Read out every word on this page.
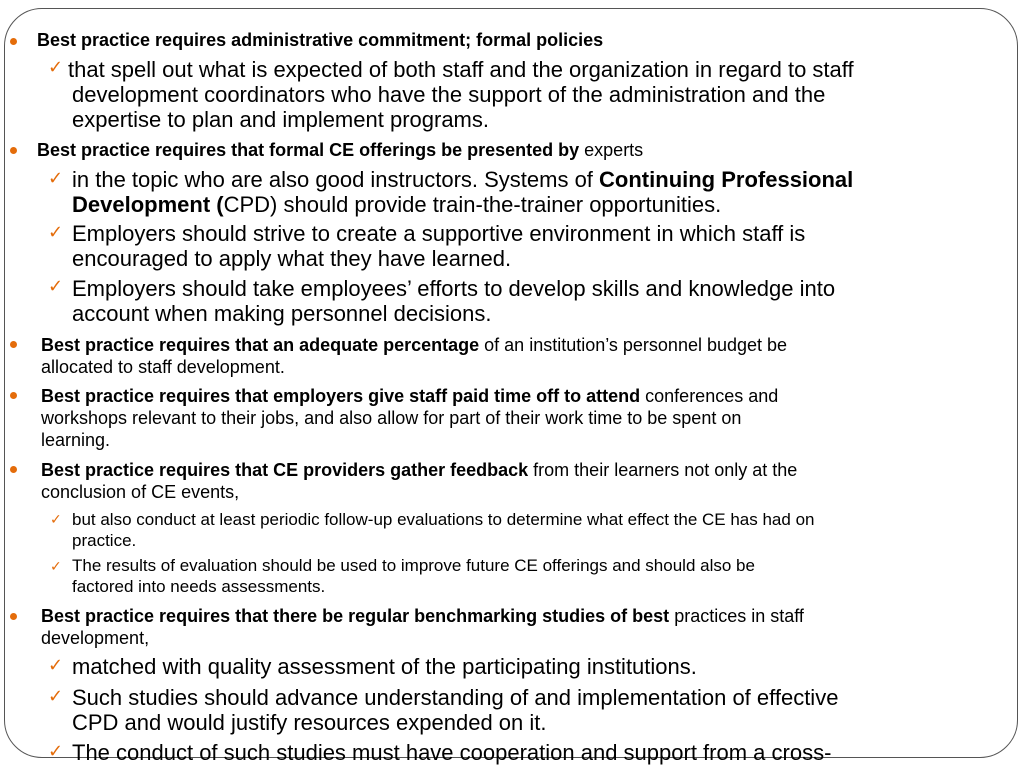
Best practice requires administrative commitment; formal policies
✓ that spell out what is expected of both staff and the organization in regard to staff
development coordinators who have the support of the administration and the
expertise to plan and implement programs.
Best practice requires that formal CE offerings be presented by experts
✓ in the topic who are also good instructors. Systems of Continuing Professional
Development (CPD) should provide train-the-trainer opportunities.
✓ Employers should strive to create a supportive environment in which staff is
encouraged to apply what they have learned.
✓ Employers should take employees’ efforts to develop skills and knowledge into
account when making personnel decisions.
Best practice requires that an adequate percentage of an institution’s personnel budget be
allocated to staff development.
Best practice requires that employers give staff paid time off to attend conferences and
workshops relevant to their jobs, and also allow for part of their work time to be spent on
learning.
Best practice requires that CE providers gather feedback from their learners not only at the
conclusion of CE events,
✓ but also conduct at least periodic follow-up evaluations to determine what effect the CE has had on
practice.
✓ The results of evaluation should be used to improve future CE offerings and should also be
factored into needs assessments.
Best practice requires that there be regular benchmarking studies of best practices in staff
development,
✓ matched with quality assessment of the participating institutions.
✓ Such studies should advance understanding of and implementation of effective
CPD and would justify resources expended on it.
✓ The conduct of such studies must have cooperation and support from a cross-
